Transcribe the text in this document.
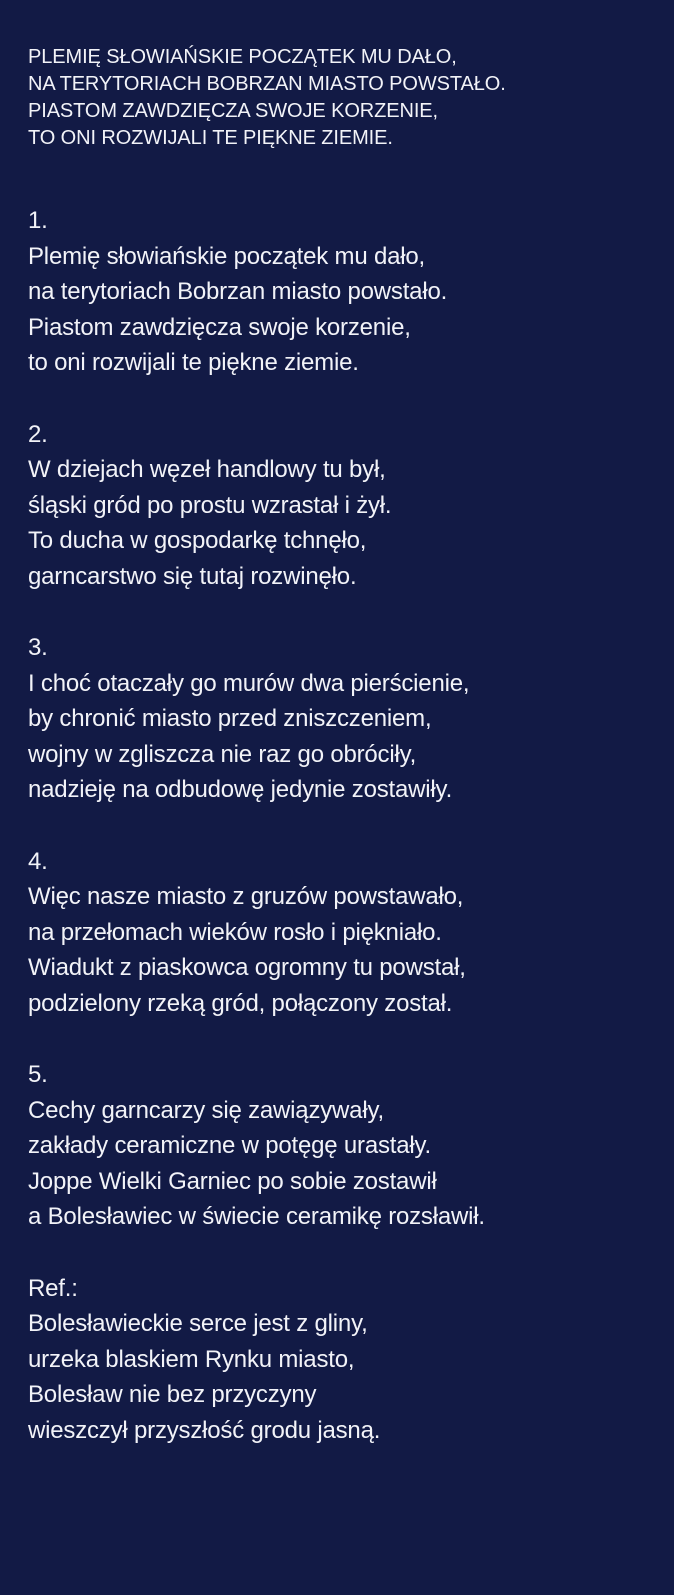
PLEMIĘ SŁOWIAŃSKIE POCZĄTEK MU DAŁO,
NA TERYTORIACH BOBRZAN MIASTO POWSTAŁO.
PIASTOM ZAWDZIĘCZA SWOJE KORZENIE,
TO ONI ROZWIJALI TE PIĘKNE ZIEMIE.
1.
Plemię słowiańskie początek mu dało,
na terytoriach Bobrzan miasto powstało.
Piastom zawdzięcza swoje korzenie,
to oni rozwijali te piękne ziemie.
2.
W dziejach węzeł handlowy tu był,
śląski gród po prostu wzrastał i żył.
To ducha w gospodarkę tchnęło,
garncarstwo się tutaj rozwinęło.
3.
I choć otaczały go murów dwa pierścienie,
by chronić miasto przed zniszczeniem,
wojny w zgliszcza nie raz go obróciły,
nadzieję na odbudowę jedynie zostawiły.
4.
Więc nasze miasto z gruzów powstawało,
na przełomach wieków rosło i piękniało.
Wiadukt z piaskowca ogromny tu powstał,
podzielony rzeką gród, połączony został.
5.
Cechy garncarzy się zawiązywały,
zakłady ceramiczne w potęgę urastały.
Joppe Wielki Garniec po sobie zostawił
a Bolesławiec w świecie ceramikę rozsławił.
Ref.:
Bolesławieckie serce jest z gliny,
urzeka blaskiem Rynku miasto,
Bolesław nie bez przyczyny
wieszczył przyszłość grodu jasną.
